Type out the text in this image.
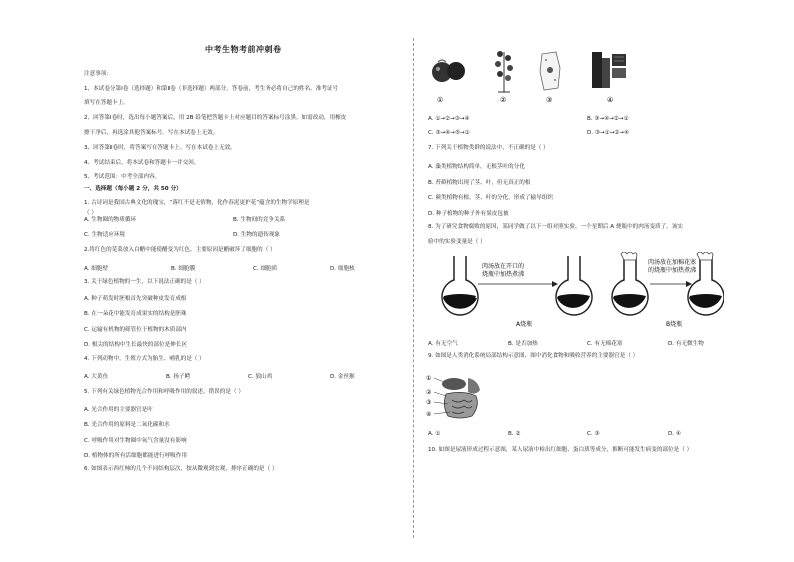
中考生物考前冲刺卷
注意事项：
1、本试卷分第Ⅰ卷（选择题）和第Ⅱ卷（非选择题）两部分。答卷前，考生务必将自己的姓名、准考证号
填写在答题卡上。
2、回答第Ⅰ卷时，选出每小题答案后，用 2B 铅笔把答题卡上对应题目的答案标号涂黑。如需改动，用橡皮
擦干净后，再选涂其他答案标号。写在本试卷上无效。
3、回答第Ⅱ卷时，将答案写在答题卡上。写在本试卷上无效。
4、考试结束后，将本试卷和答题卡一并交回。
5、考试范围：中考全部内容。
一、选择题（每小题 2 分，共 50 分）
1. 古诗词是我国古典文化的瑰宝，“落红不是无情物，化作春泥更护花”蕴含的生物学原理是
（ ）
A. 生物圈的物质循环	B. 生物间的竞争关系
C. 生物适应环境	D. 生物的遗传现象
2.将红色的苋菜放入白醋中能使醋变为红色，主要原因是醋破坏了细胞的（ ）
A. 细胞壁	B. 细胞膜	C. 细胞质	D. 细胞核
3. 关于绿色植物的一生，以下说法正确的是（ ）
A. 种子萌发时胚根首先突破种皮发育成根
B. 在一朵花中能发育成果实的结构是胚珠
C. 运输有机物的筛管位于植物的木质部内
D. 根尖的结构中生长最快的部位是伸长区
4. 下列动物中，生殖方式为胎生、哺乳的是（ ）
A. 大黄鱼	B. 扬子鳄	C. 狼山鸡	D. 金丝猴
5. 下列有关绿色植物光合作用和呼吸作用的叙述，错误的是（ ）
A. 光合作用的主要器官是叶
B. 光合作用的原料是二氧化碳和水
C. 呼吸作用对生物圈中氧气含量没有影响
D. 植物体的所有活细胞都能进行呼吸作用
6. 如图表示西红柿的几个不同结构层次，按从微观到宏观，排序正确的是（ ）
①	②	③	④
A. ①→②→③→④	B. ③→④→②→①
C. ③→④→⑤→①	D. ③→①→②→④
7. 下列关于植物类群的说法中，不正确的是（ ）
A. 藻类植物结构简单，无根茎叶的分化
B. 苔藓植物出现了茎、叶，但无真正的根
C. 蕨类植物有根、茎、叶的分化，形成了输导组织
D. 种子植物的种子外有果皮包被
8. 为了研究食物腐败的原因，某同学做了以下一组对照实验，一个星期后 A 烧瓶中的肉汤变质了。该实
验中的实验变量是（ ）
肉汤放在开口的
烧瓶中加热煮沸
A烧瓶
肉汤放在加棉花塞
的烧瓶中加热煮沸
B烧瓶
A. 有无空气	B. 是否加热	C. 有无棉花塞	D. 有无微生物
9. 如图是人类消化系统局部结构示意图，图中消化食物和吸收营养的主要器官是（ ）
①
②
③
④
A. ①	B. ②	C. ③	D. ④
10. 如图是尿液形成过程示意图，某人尿液中检出红细胞、蛋白质等成分，推断可能发生病变的部位是（ ）
